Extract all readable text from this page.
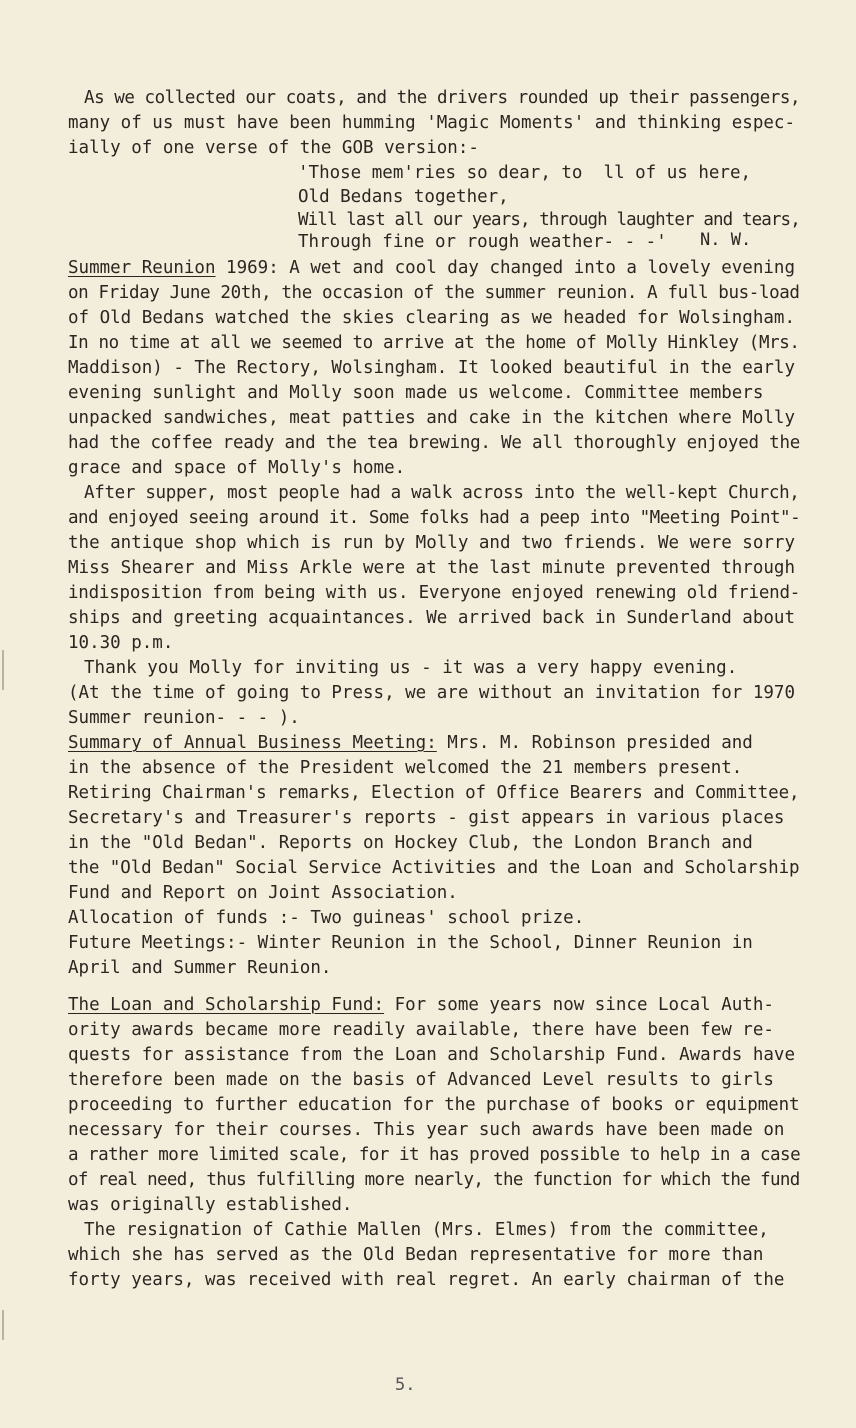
As we collected our coats, and the drivers rounded up their passengers,
many of us must have been humming 'Magic Moments' and thinking espec-
ially of one verse of the GOB version:-
'Those mem'ries so dear, to  ll of us here,
Old Bedans together,
Will last all our years, through laughter and tears,
Through fine or rough weather- - -' N. W.
Summer Reunion 1969: A wet and cool day changed into a lovely evening
on Friday June 20th, the occasion of the summer reunion. A full bus-load
of Old Bedans watched the skies clearing as we headed for Wolsingham.
In no time at all we seemed to arrive at the home of Molly Hinkley (Mrs.
Maddison) - The Rectory, Wolsingham. It looked beautiful in the early
evening sunlight and Molly soon made us welcome. Committee members
unpacked sandwiches, meat patties and cake in the kitchen where Molly
had the coffee ready and the tea brewing. We all thoroughly enjoyed the
grace and space of Molly's home.
After supper, most people had a walk across into the well-kept Church,
and enjoyed seeing around it. Some folks had a peep into "Meeting Point"-
the antique shop which is run by Molly and two friends. We were sorry
Miss Shearer and Miss Arkle were at the last minute prevented through
indisposition from being with us. Everyone enjoyed renewing old friend-
ships and greeting acquaintances. We arrived back in Sunderland about
10.30 p.m.
Thank you Molly for inviting us - it was a very happy evening.
(At the time of going to Press, we are without an invitation for 1970
Summer reunion- - - ).
Summary of Annual Business Meeting: Mrs. M. Robinson presided and
in the absence of the President welcomed the 21 members present.
Retiring Chairman's remarks, Election of Office Bearers and Committee,
Secretary's and Treasurer's reports - gist appears in various places
in the "Old Bedan". Reports on Hockey Club, the London Branch and
the "Old Bedan" Social Service Activities and the Loan and Scholarship
Fund and Report on Joint Association.
Allocation of funds :- Two guineas' school prize.
Future Meetings:- Winter Reunion in the School, Dinner Reunion in
April and Summer Reunion.
The Loan and Scholarship Fund: For some years now since Local Auth-
ority awards became more readily available, there have been few re-
quests for assistance from the Loan and Scholarship Fund. Awards have
therefore been made on the basis of Advanced Level results to girls
proceeding to further education for the purchase of books or equipment
necessary for their courses. This year such awards have been made on
a rather more limited scale, for it has proved possible to help in a case
of real need, thus fulfilling more nearly, the function for which the fund
was originally established.
The resignation of Cathie Mallen (Mrs. Elmes) from the committee,
which she has served as the Old Bedan representative for more than
forty years, was received with real regret. An early chairman of the
5.
